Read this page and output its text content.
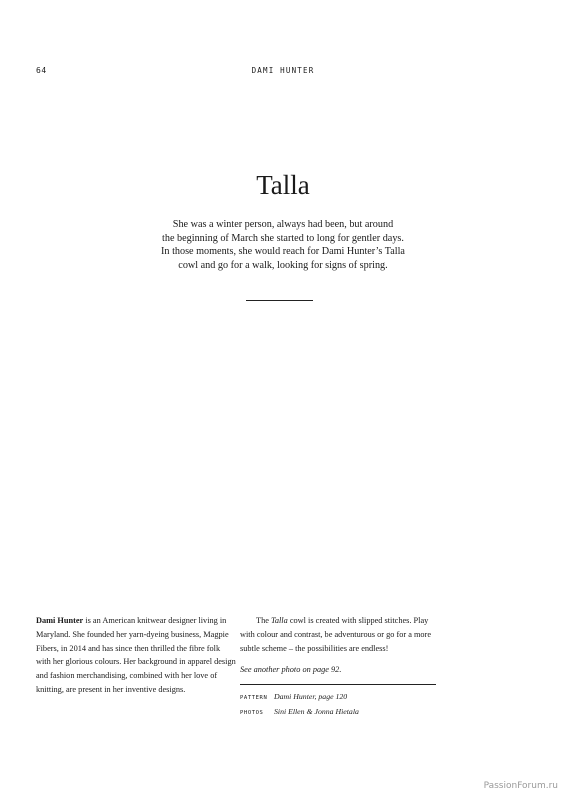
64	DAMI HUNTER
Talla

She was a winter person, always had been, but around
the beginning of March she started to long for gentler days.
In those moments, she would reach for Dami Hunter’s Talla
cowl and go for a walk, looking for signs of spring.

Dami Hunter is an American knitwear designer living in Maryland. She founded her yarn-dyeing business, Magpie Fibers, in 2014 and has since then thrilled the fibre folk with her glorious colours. Her background in apparel design and fashion merchandising, combined with her love of knitting, are present in her inventive designs.

The Talla cowl is created with slipped stitches. Play with colour and contrast, be adventurous or go for a more subtle scheme – the possibilities are endless!

See another photo on page 92.

PATTERN Dami Hunter, page 120
PHOTOS	Sini Ellen & Jonna Hietala
PassionForum.ru
